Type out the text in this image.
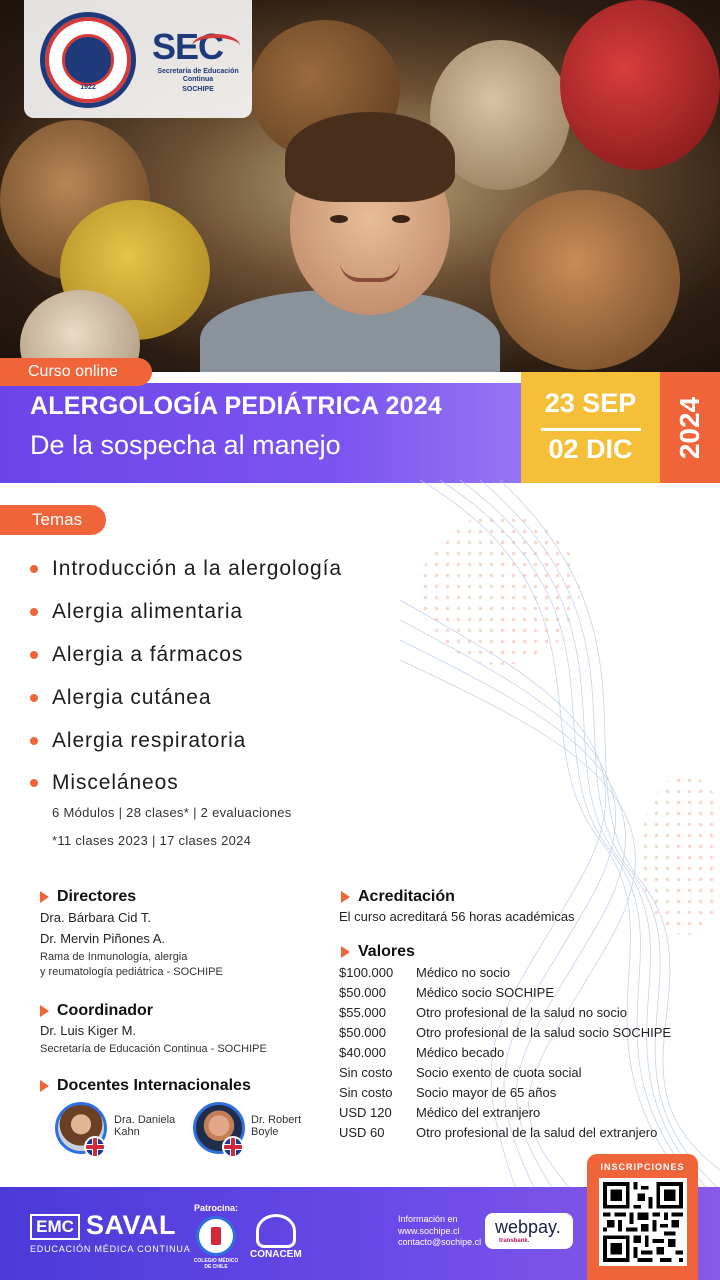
1922
SEC
Secretaría de Educación Continua
SOCHIPE
Curso online
ALERGOLOGÍA PEDIÁTRICA 2024
De la sospecha al manejo
23 SEP
02 DIC	2024
Temas
Introducción a la alergología
Alergia alimentaria
Alergia a fármacos
Alergia cutánea
Alergia respiratoria
Misceláneos
6 Módulos | 28 clases* | 2 evaluaciones
*11 clases 2023 | 17 clases 2024
Directores
Dra. Bárbara Cid T.
Dr. Mervin Piñones A.
Rama de Inmunología, alergia
y reumatología pediátrica - SOCHIPE
Coordinador
Dr. Luis Kiger M.
Secretaría de Educación Continua - SOCHIPE
Docentes Internacionales
Dra. Daniela
Kahn
Dr. Robert
Boyle
Acreditación
El curso acreditará 56 horas académicas
Valores
$100.000 Médico no socio
$50.000 Médico socio SOCHIPE
$55.000 Otro profesional de la salud no socio
$50.000 Otro profesional de la salud socio SOCHIPE
$40.000 Médico becado
Sin costo Socio exento de cuota social
Sin costo Socio mayor de 65 años
USD 120 Médico del extranjero
USD 60 Otro profesional de la salud del extranjero
EMC SAVAL
EDUCACIÓN MÉDICA CONTINUA
Patrocina:
COLEGIO MÉDICO DE CHILE
CONACEM
Información en
www.sochipe.cl
contacto@sochipe.cl
webpay.
transbank.
INSCRIPCIONES
